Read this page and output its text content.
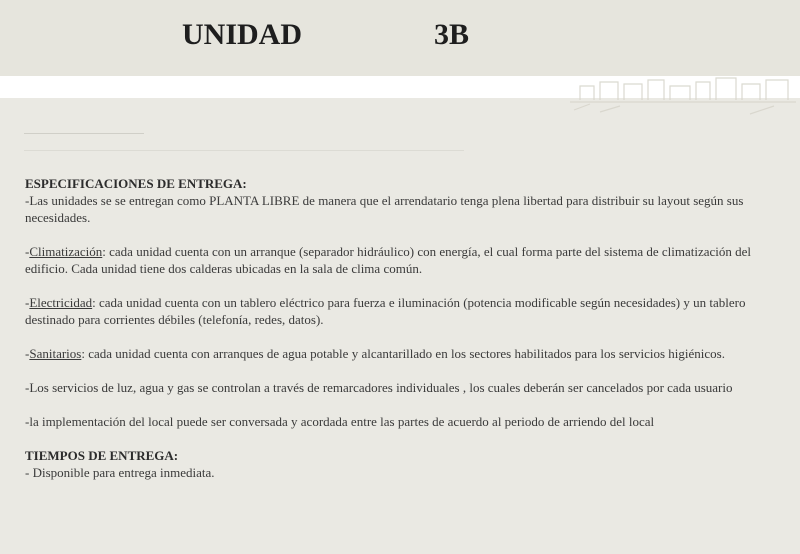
UNIDAD	3B

ESPECIFICACIONES DE ENTREGA:

-Las unidades se se entregan como PLANTA LIBRE de manera que el arrendatario tenga plena libertad para distribuir su layout según sus necesidades.

-Climatización: cada unidad cuenta con un arranque (separador hidráulico) con energía, el cual forma parte del sistema de climatización del edificio. Cada unidad tiene dos calderas ubicadas en la sala de clima común.

-Electricidad: cada unidad cuenta con un tablero eléctrico para fuerza e iluminación (potencia modificable según necesidades) y un tablero destinado para corrientes débiles (telefonía, redes, datos).

-Sanitarios: cada unidad cuenta con arranques de agua potable y alcantarillado en los sectores habilitados para los servicios higiénicos.

-Los servicios de luz, agua y gas se controlan a través de remarcadores individuales , los cuales deberán ser cancelados por cada usuario

-la implementación del local puede ser conversada y acordada entre las partes de acuerdo al periodo de arriendo del local

TIEMPOS DE ENTREGA:

- Disponible para entrega inmediata.
